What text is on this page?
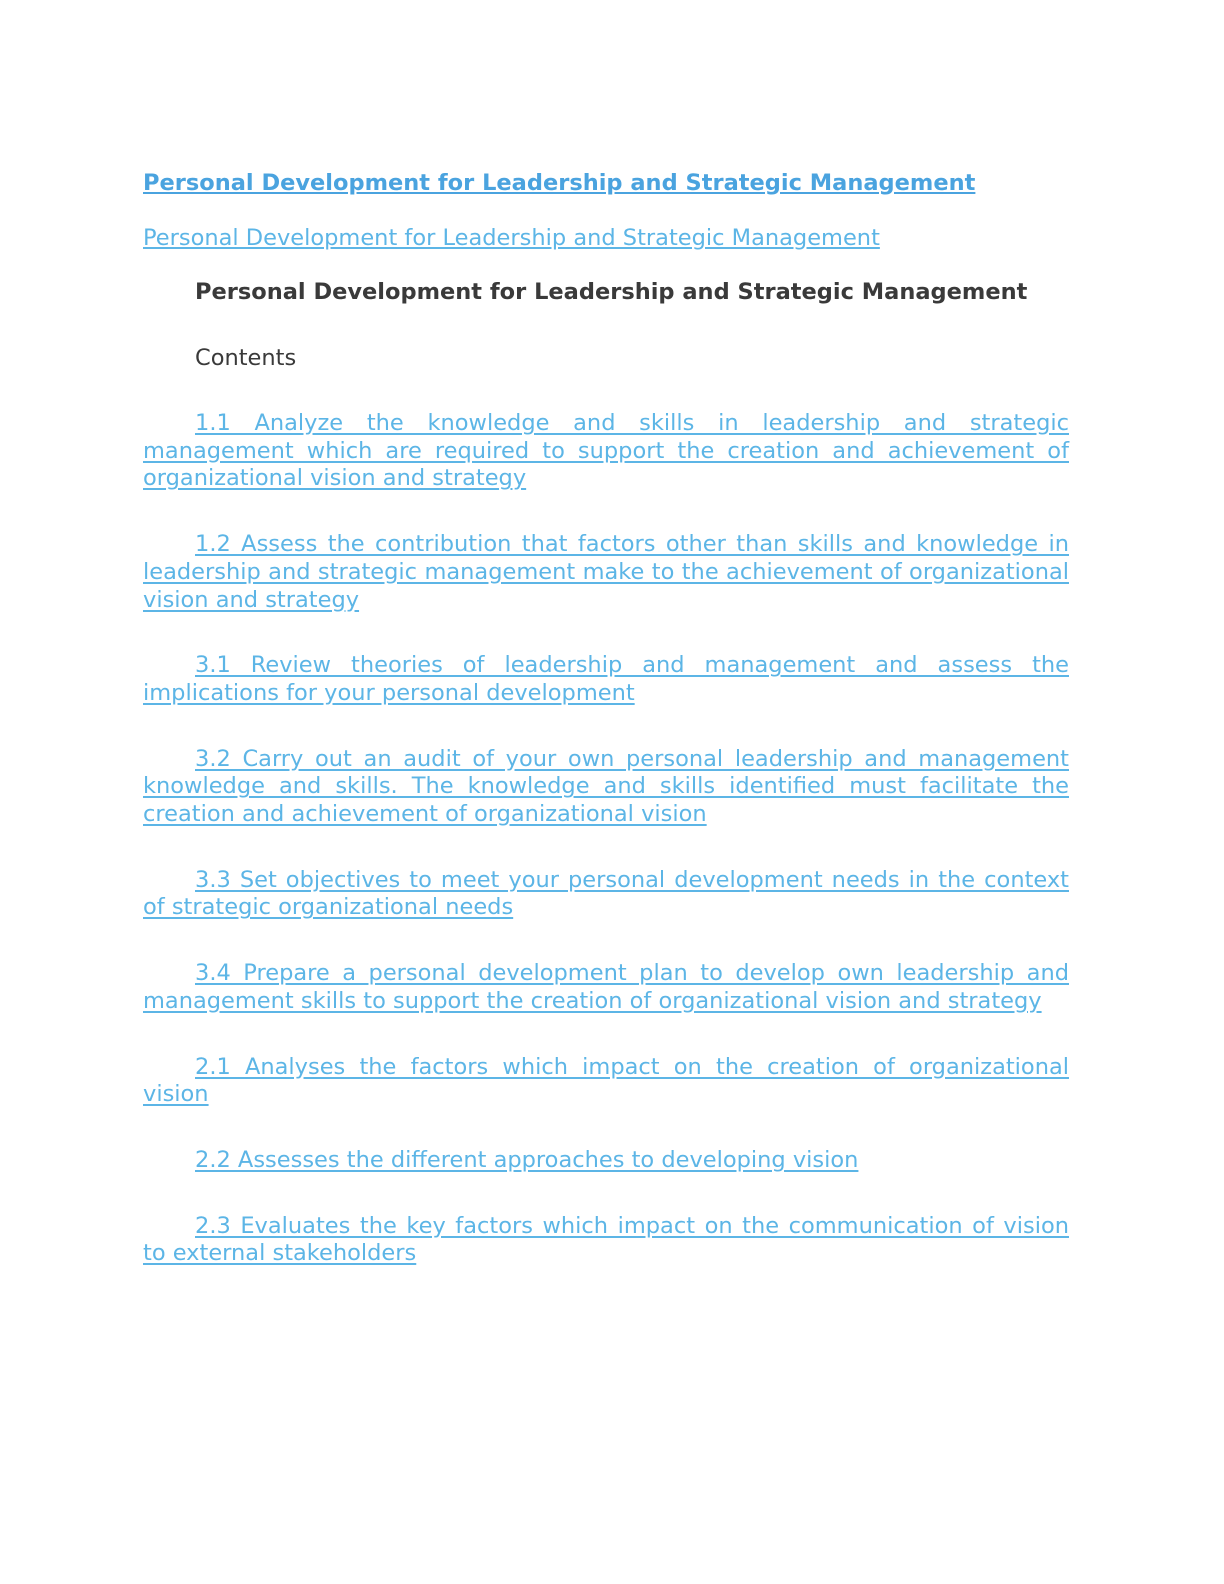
Personal Development for Leadership and Strategic Management
Personal Development for Leadership and Strategic Management
Personal Development for Leadership and Strategic Management
Contents
1.1 Analyze the knowledge and skills in leadership and strategic management which are required to support the creation and achievement of organizational vision and strategy
1.2 Assess the contribution that factors other than skills and knowledge in leadership and strategic management make to the achievement of organizational vision and strategy
3.1 Review theories of leadership and management and assess the implications for your personal development
3.2 Carry out an audit of your own personal leadership and management knowledge and skills. The knowledge and skills identified must facilitate the creation and achievement of organizational vision
3.3 Set objectives to meet your personal development needs in the context of strategic organizational needs
3.4 Prepare a personal development plan to develop own leadership and management skills to support the creation of organizational vision and strategy
2.1 Analyses the factors which impact on the creation of organizational vision
2.2 Assesses the different approaches to developing vision
2.3 Evaluates the key factors which impact on the communication of vision to external stakeholders
